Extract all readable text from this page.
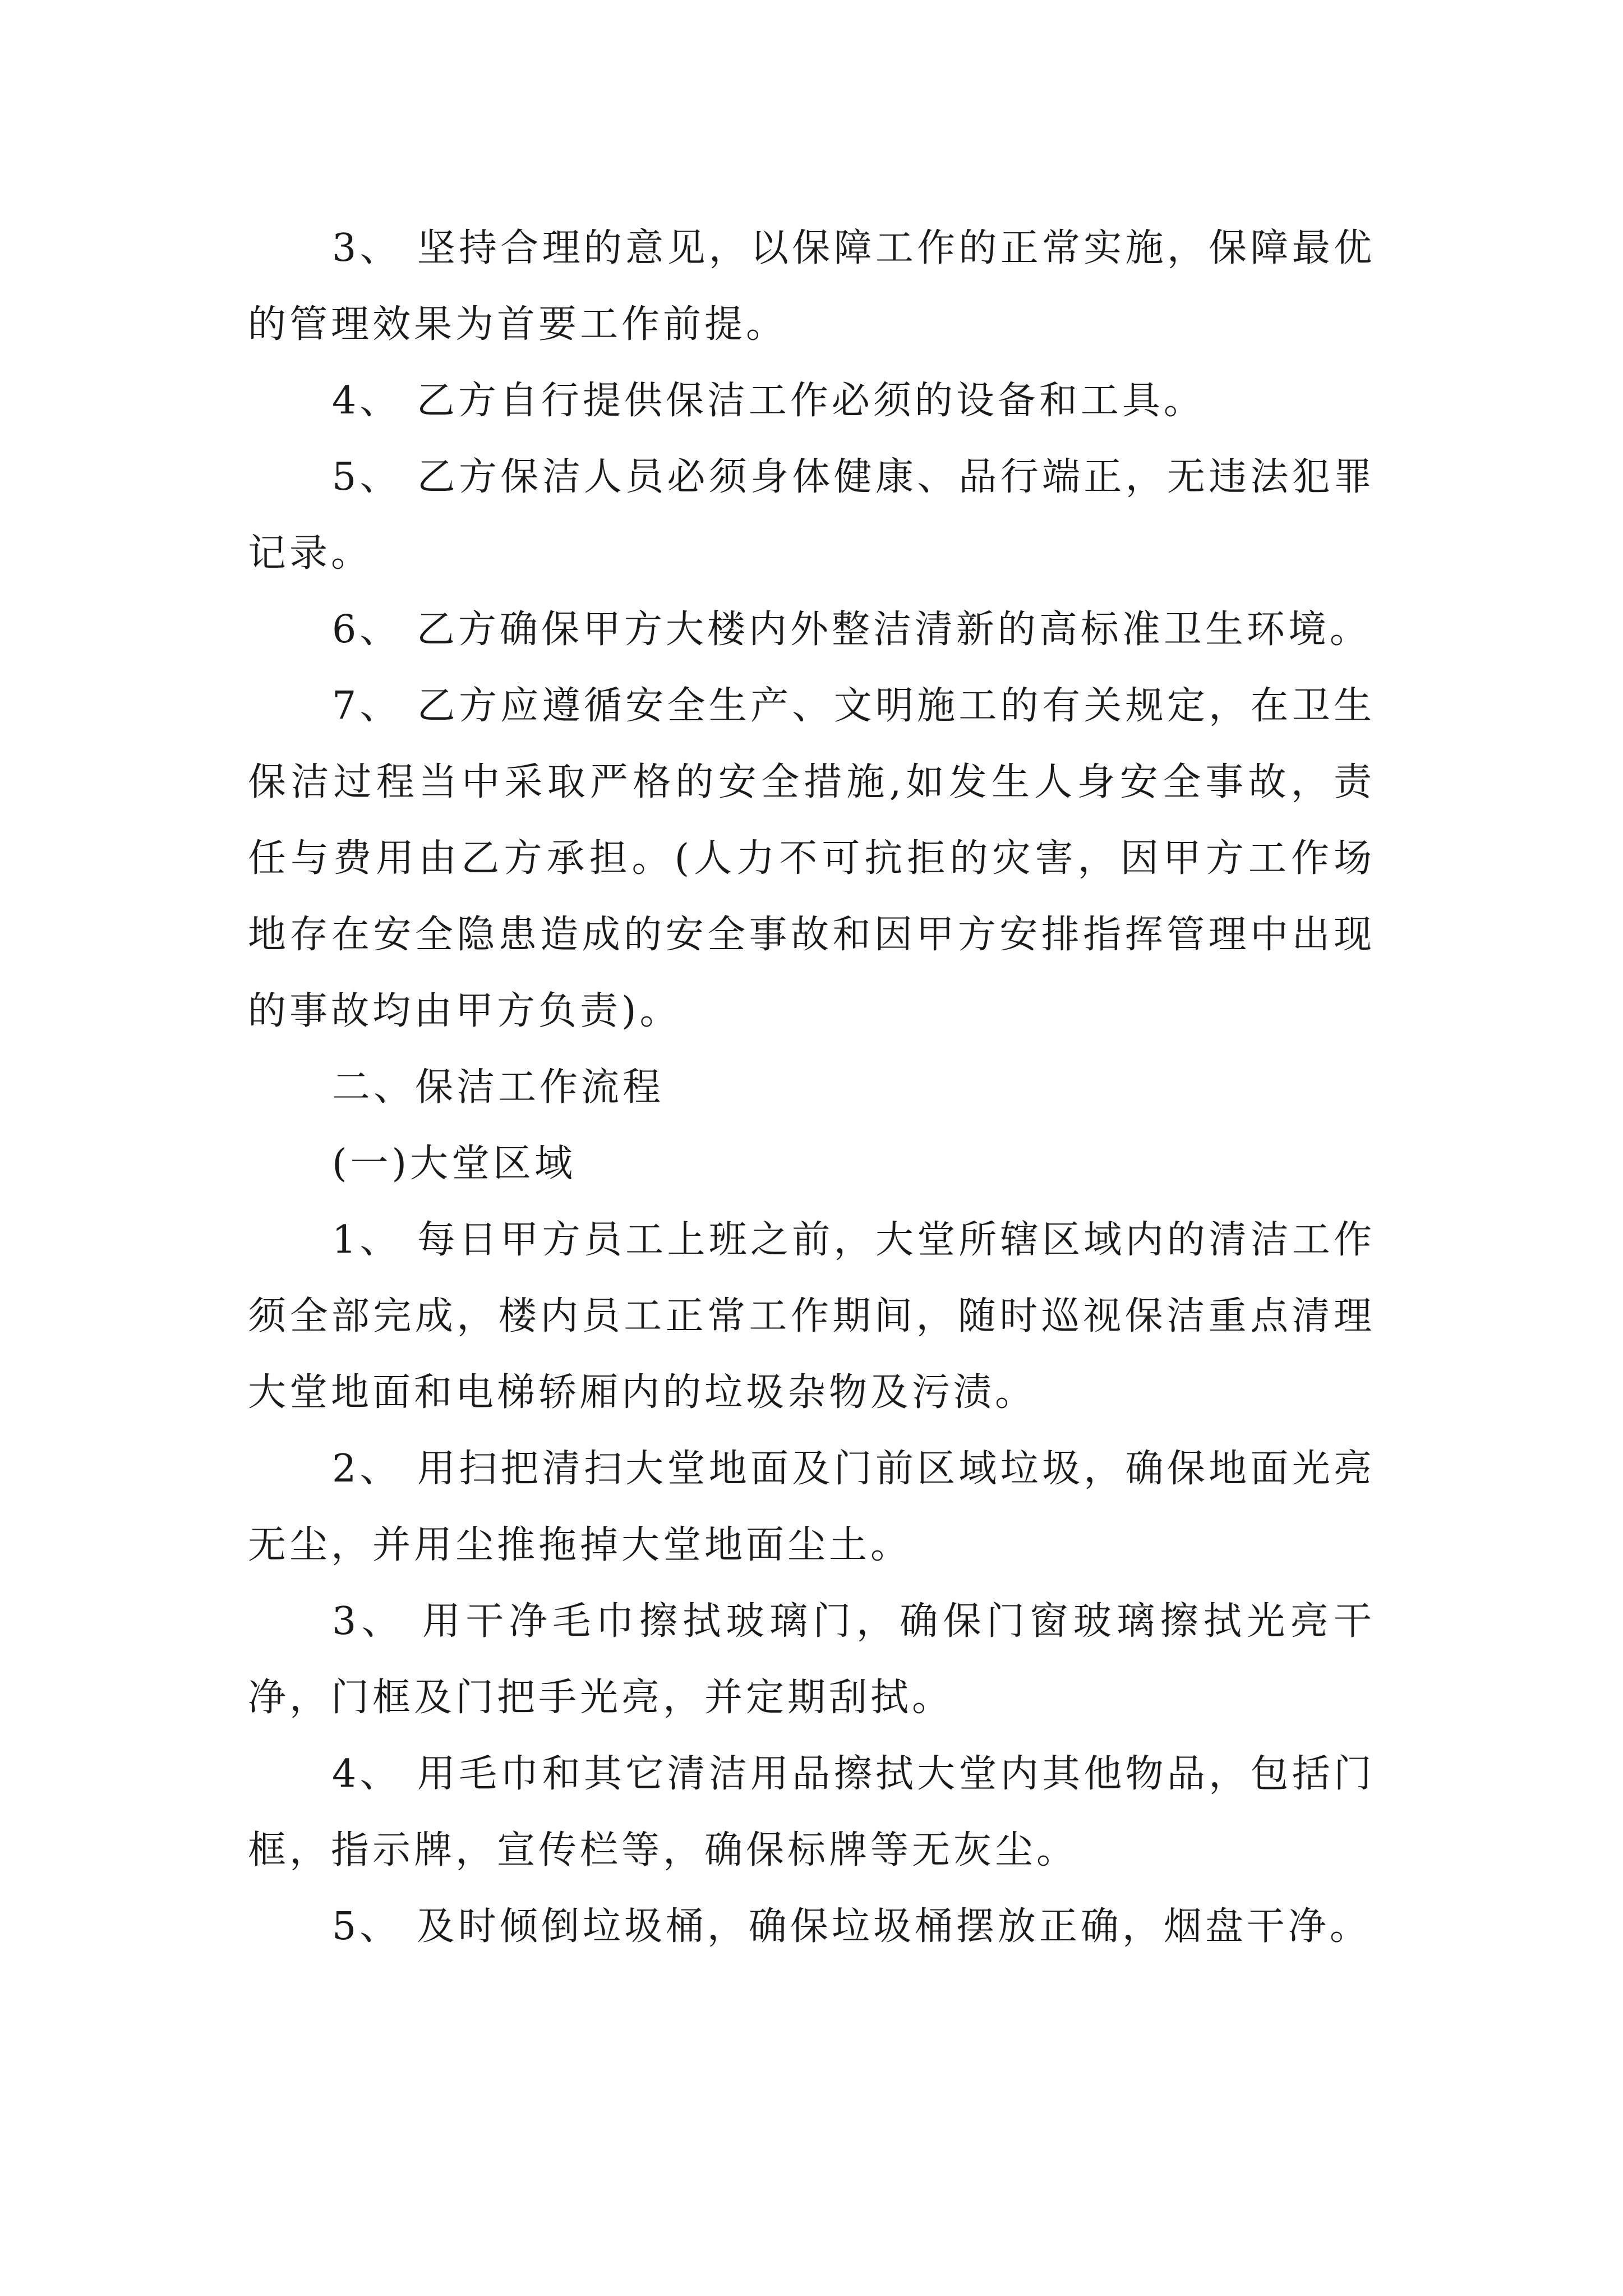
3、 坚持合理的意见，以保障工作的正常实施，保障最优的管理效果为首要工作前提。

4、 乙方自行提供保洁工作必须的设备和工具。

5、 乙方保洁人员必须身体健康、品行端正，无违法犯罪记录。

6、 乙方确保甲方大楼内外整洁清新的高标准卫生环境。

7、 乙方应遵循安全生产、文明施工的有关规定，在卫生保洁过程当中采取严格的安全措施,如发生人身安全事故，责任与费用由乙方承担。(人力不可抗拒的灾害，因甲方工作场地存在安全隐患造成的安全事故和因甲方安排指挥管理中出现的事故均由甲方负责)。

二、保洁工作流程

(一)大堂区域

1、 每日甲方员工上班之前，大堂所辖区域内的清洁工作须全部完成，楼内员工正常工作期间，随时巡视保洁重点清理大堂地面和电梯轿厢内的垃圾杂物及污渍。

2、 用扫把清扫大堂地面及门前区域垃圾，确保地面光亮无尘，并用尘推拖掉大堂地面尘土。

3、 用干净毛巾擦拭玻璃门，确保门窗玻璃擦拭光亮干净，门框及门把手光亮，并定期刮拭。

4、 用毛巾和其它清洁用品擦拭大堂内其他物品，包括门框，指示牌，宣传栏等，确保标牌等无灰尘。

5、 及时倾倒垃圾桶，确保垃圾桶摆放正确，烟盘干净。
